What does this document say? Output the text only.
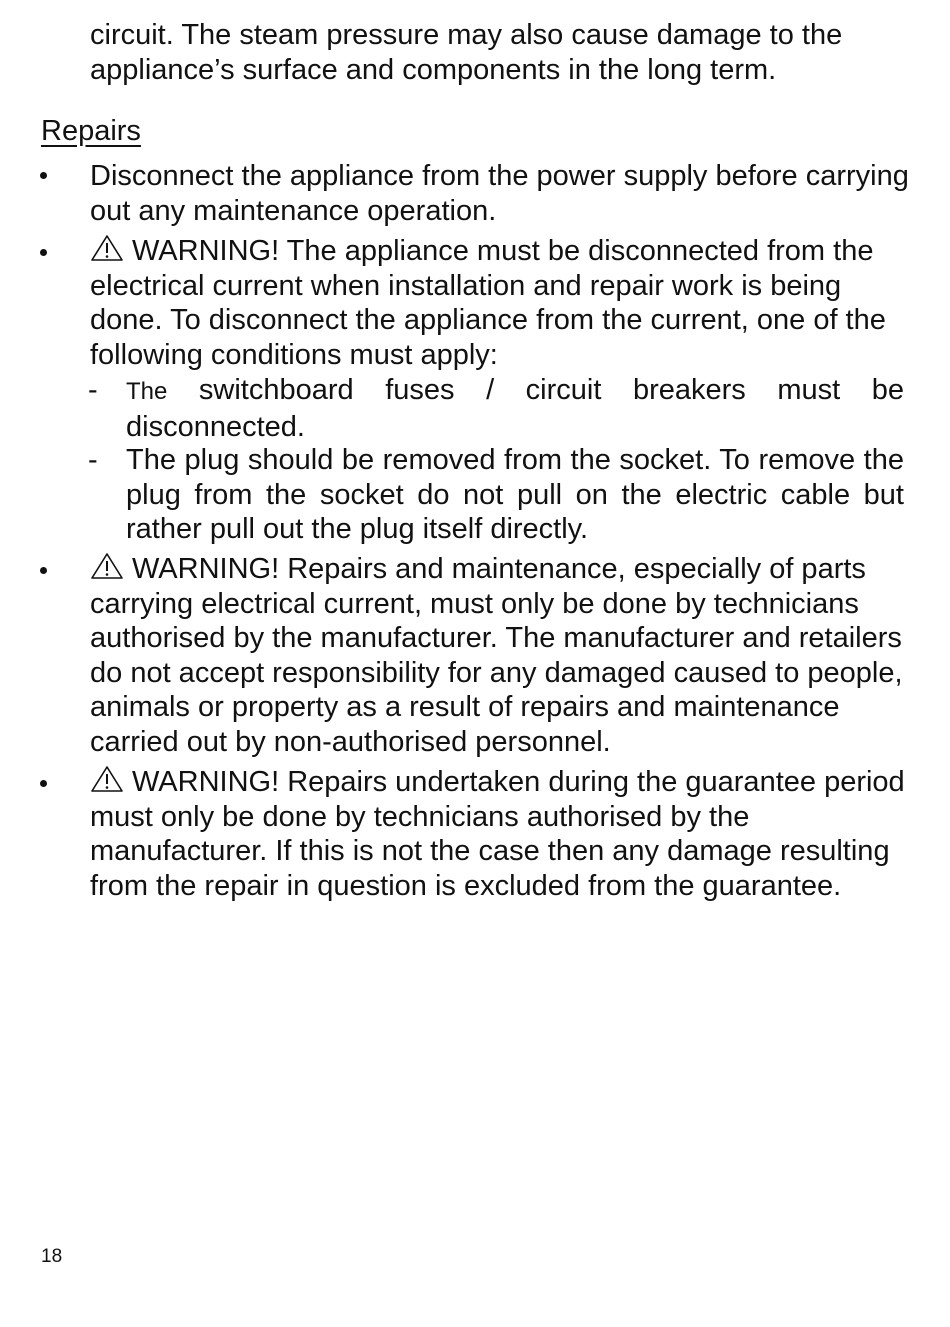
circuit. The steam pressure may also cause damage to the
appliance’s surface and components in the long term.
Repairs

Disconnect the appliance from the power supply before carrying out any maintenance operation.

WARNING! The appliance must be disconnected from the electrical current when installation and repair work is being done. To disconnect the appliance from the current, one of the following conditions must apply:

- The switchboard fuses / circuit breakers must be disconnected.

- The plug should be removed from the socket. To remove the plug from the socket do not pull on the electric cable but rather pull out the plug itself directly.

WARNING! Repairs and maintenance, especially of parts carrying electrical current, must only be done by technicians authorised by the manufacturer. The manufacturer and retailers do not accept responsibility for any damaged caused to people, animals or property as a result of repairs and maintenance carried out by non-authorised personnel.

WARNING! Repairs undertaken during the guarantee period must only be done by technicians authorised by the manufacturer. If this is not the case then any damage resulting from the repair in question is excluded from the guarantee.

18
